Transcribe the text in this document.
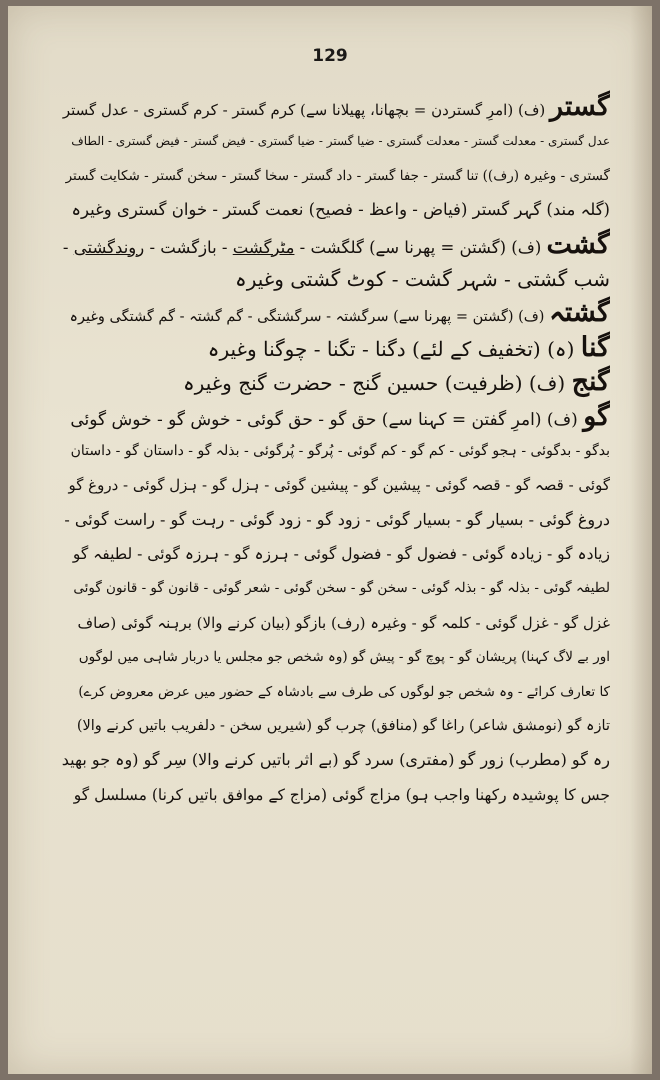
129
گستر (ف) (امرِ گستردن = بچھانا، پھیلانا سے) کرم گستر - کرم گستری - عدل گستر
عدل گستری - معدلت گستر - معدلت گستری - ضیا گستر - ضیا گستری - فیض گستر - فیض گستری - الطاف
گستری - وغیرہ (رف)) تنا گستر - جفا گستر - داد گستر - سخا گستر - سخن گستر - شکایت گستر
(گلہ مند) گہر گستر (فیاض - واعظ - فصیح) نعمت گستر - خوان گستری وغیرہ
گشت (ف) (گشتن = پھرنا سے) گلگشت - مٹرگشت - بازگشت - روندگشتی -
شب گشتی - شہر گشت - کوٹ گشتی وغیرہ
گشتہ (ف) (گشتن = پھرنا سے) سرگشتہ - سرگشتگی - گم گشتہ - گم گشتگی وغیرہ
گنا (ہ) (تخفیف کے لئے) دگنا - تگنا - چوگنا وغیرہ
گنج (ف) (ظرفیت) حسین گنج - حضرت گنج وغیرہ
گو (ف) (امرِ گفتن = کہنا سے) حق گو - حق گوئی - خوش گو - خوش گوئی
بدگو - بدگوئی - ہجو گوئی - کم گو - کم گوئی - پُرگو - پُرگوئی - بذلہ گو - داستان گو - داستان
گوئی - قصہ گو - قصہ گوئی - پیشین گو - پیشین گوئی - ہزل گو - ہزل گوئی - دروغ گو
دروغ گوئی - بسیار گو - بسیار گوئی - زود گو - زود گوئی - رہت گو - راست گوئی -
زیادہ گو - زیادہ گوئی - فضول گو - فضول گوئی - ہرزہ گو - ہرزہ گوئی - لطیفہ گو
لطیفہ گوئی - بذلہ گو - بذلہ گوئی - سخن گو - سخن گوئی - شعر گوئی - قانون گو - قانون گوئی
غزل گو - غزل گوئی - کلمہ گو - وغیرہ (رف) بازگو (بیان کرنے والا) برہنہ گوئی (صاف
اور بے لاگ کہنا) پریشان گو - پوچ گو - پیش گو (وہ شخص جو مجلس یا دربار شاہی میں لوگوں
کا تعارف کرائے - وہ شخص جو لوگوں کی طرف سے بادشاہ کے حضور میں عرض معروض کرے)
تازہ گو (نومشق شاعر) راغا گو (منافق) چرب گو (شیریں سخن - دلفریب باتیں کرنے والا)
رہ گو (مطرب) زور گو (مفتری) سرد گو (بے اثر باتیں کرنے والا) سِر گو (وہ جو بھید
جس کا پوشیدہ رکھنا واجب ہو) مزاج گوئی (مزاج کے موافق باتیں کرنا) مسلسل گو
